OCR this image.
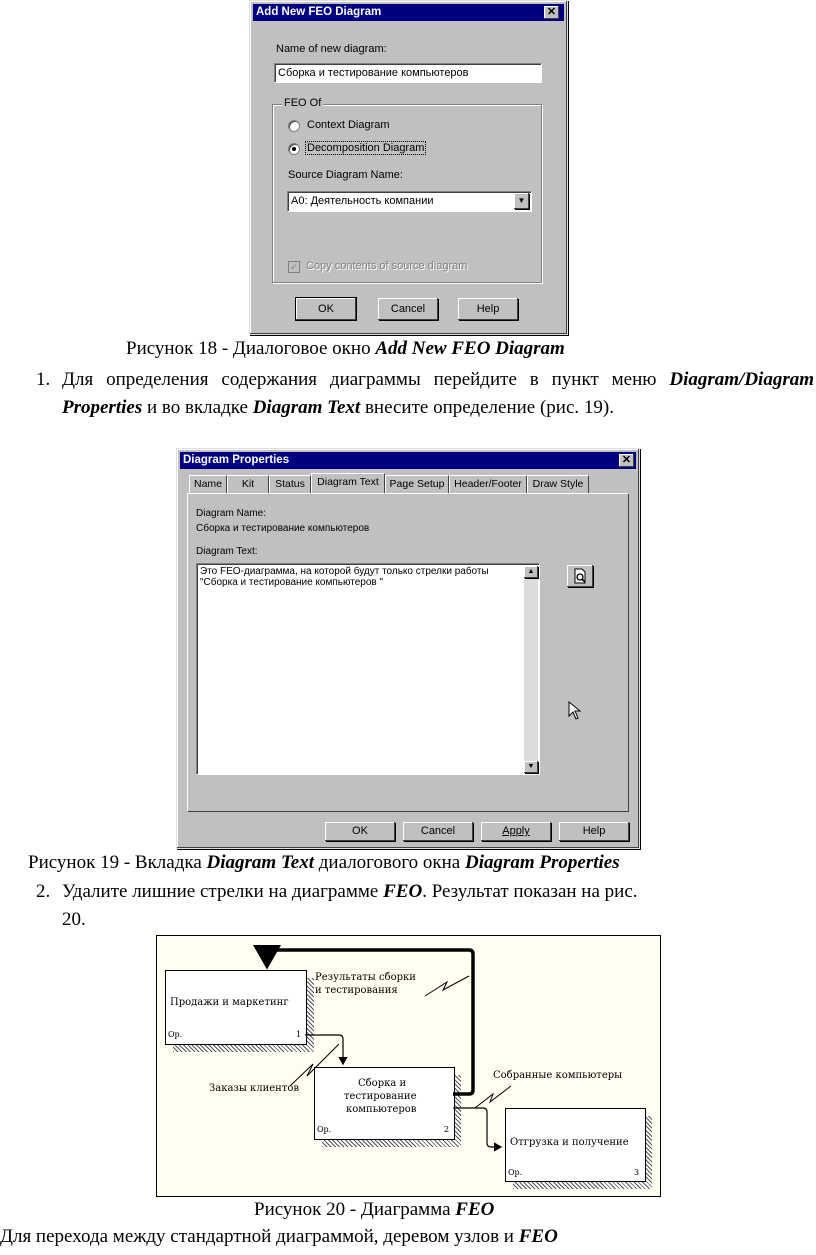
Add New FEO Diagram	✕
Name of new diagram:
Сборка и тестирование компьютеров
FEO Of
Context Diagram
Decomposition Diagram
Source Diagram Name:
A0: Деятельность компании	▼
✓ Copy contents of source diagram
OK	Cancel	Help
Рисунок 18 - Диалоговое окно Add New FEO Diagram
1. Для определения содержания диаграммы перейдите в пункт меню Diagram/Diagram Properties и во вкладке Diagram Text внесите определение (рис. 19).
Diagram Properties	✕
Name	Kit	Status	Diagram Text	Page Setup Header/Footer	Draw Style
Diagram Name:
Сборка и тестирование компьютеров
Diagram Text:
Это FEO-диаграмма, на которой будут только стрелки работы
"Сборка и тестирование компьютеров "
▲
▼
OK	Cancel	Apply	Help
Рисунок 19 - Вкладка Diagram Text диалогового окна Diagram Properties
2. Удалите лишние стрелки на диаграмме FEO. Результат показан на рис.
20.
Продажи и маркетинг
Op.	1
Сборка и
тестирование
компьютеров
Op.	2
Отгрузка и получение
Op.	3
Результаты сборки
и тестирования
Заказы клиентов
Собранные компьютеры
Рисунок 20 - Диаграмма FEO
Для перехода между стандартной диаграммой, деревом узлов и FEO
